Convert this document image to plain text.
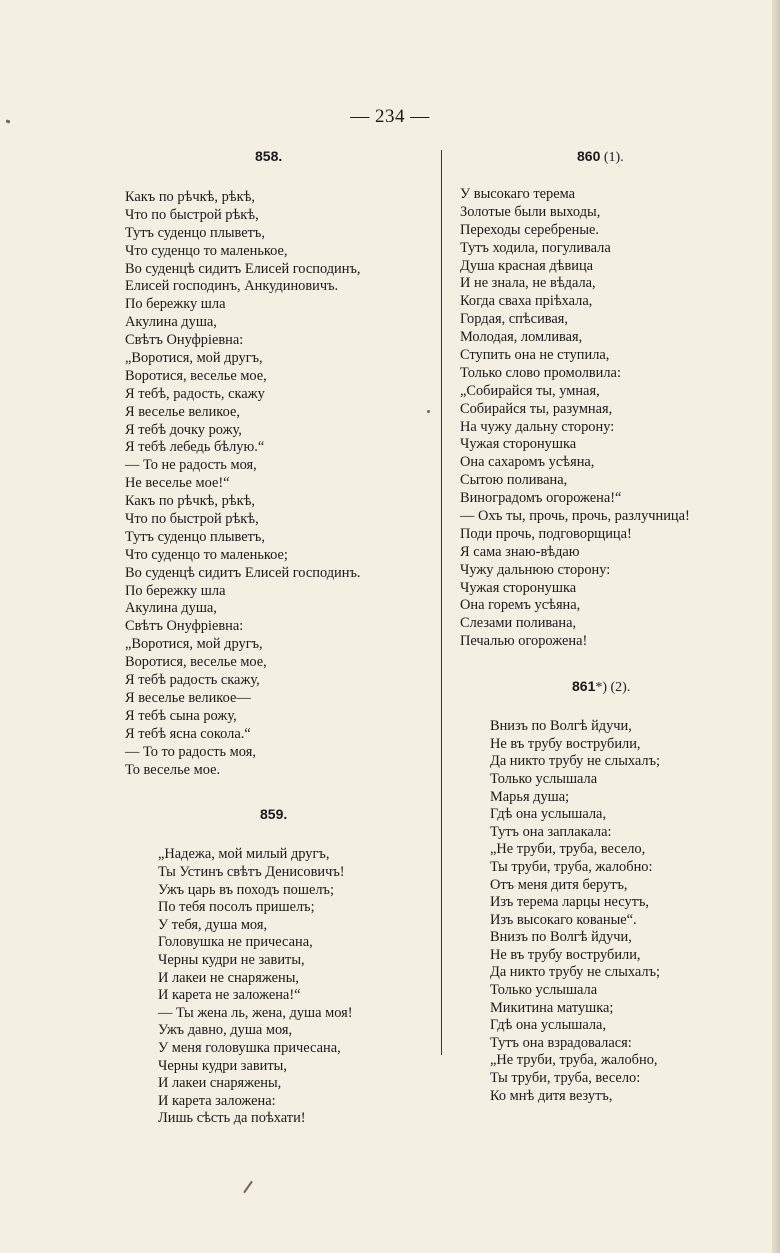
— 234 —
858.
Какъ по рѣчкѣ, рѣкѣ,
Что по быстрой рѣкѣ,
Тутъ суденцо плыветъ,
Что суденцо то маленькое,
Во суденцѣ сидитъ Елисей господинъ,
Елисей господинъ, Анкудиновичъ.
По бережку шла
Акулина душа,
Свѣтъ Онуфріевна:
„Воротися, мой другъ,
Воротися, веселье мое,
Я тебѣ, радость, скажу
Я веселье великое,
Я тебѣ дочку рожу,
Я тебѣ лебедь бѣлую.“
— То не радость моя,
Не веселье мое!“
Какъ по рѣчкѣ, рѣкѣ,
Что по быстрой рѣкѣ,
Тутъ суденцо плыветъ,
Что суденцо то маленькое;
Во суденцѣ сидитъ Елисей господинъ.
По бережку шла
Акулина душа,
Свѣтъ Онуфріевна:
„Воротися, мой другъ,
Воротися, веселье мое,
Я тебѣ радость скажу,
Я веселье великое—
Я тебѣ сына рожу,
Я тебѣ ясна сокола.“
— То то радость моя,
То веселье мое.
859.
„Надежа, мой милый другъ,
Ты Устинъ свѣтъ Денисовичъ!
Ужъ царь въ походъ пошелъ;
По тебя посолъ пришелъ;
У тебя, душа моя,
Головушка не причесана,
Черны кудри не завиты,
И лакеи не снаряжены,
И карета не заложена!“
— Ты жена ль, жена, душа моя!
Ужъ давно, душа моя,
У меня головушка причесана,
Черны кудри завиты,
И лакеи снаряжены,
И карета заложена:
Лишь сѣсть да поѣхати!
860 (1).
У высокаго терема
Золотые были выходы,
Переходы серебреные.
Тутъ ходила, погуливала
Душа красная дѣвица
И не знала, не вѣдала,
Когда сваха пріѣхала,
Гордая, спѣсивая,
Молодая, ломливая,
Ступить она не ступила,
Только слово промолвила:
„Собирайся ты, умная,
Собирайся ты, разумная,
На чужу дальну сторону:
Чужая сторонушка
Она сахаромъ усѣяна,
Сытою поливана,
Виноградомъ огорожена!“
— Охъ ты, прочь, прочь, разлучница!
Поди прочь, подговорщица!
Я сама знаю-вѣдаю
Чужу дальнюю сторону:
Чужая сторонушка
Она горемъ усѣяна,
Слезами поливана,
Печалью огорожена!
861*) (2).
Внизъ по Волгѣ йдучи,
Не въ трубу вострубили,
Да никто трубу не слыхалъ;
Только услышала
Марья душа;
Гдѣ она услышала,
Тутъ она заплакала:
„Не труби, труба, весело,
Ты труби, труба, жалобно:
Отъ меня дитя берутъ,
Изъ терема ларцы несутъ,
Изъ высокаго кованые“.
Внизъ по Волгѣ йдучи,
Не въ трубу вострубили,
Да никто трубу не слыхалъ;
Только услышала
Микитина матушка;
Гдѣ она услышала,
Тутъ она взрадовалася:
„Не труби, труба, жалобно,
Ты труби, труба, весело:
Ко мнѣ дитя везутъ,
